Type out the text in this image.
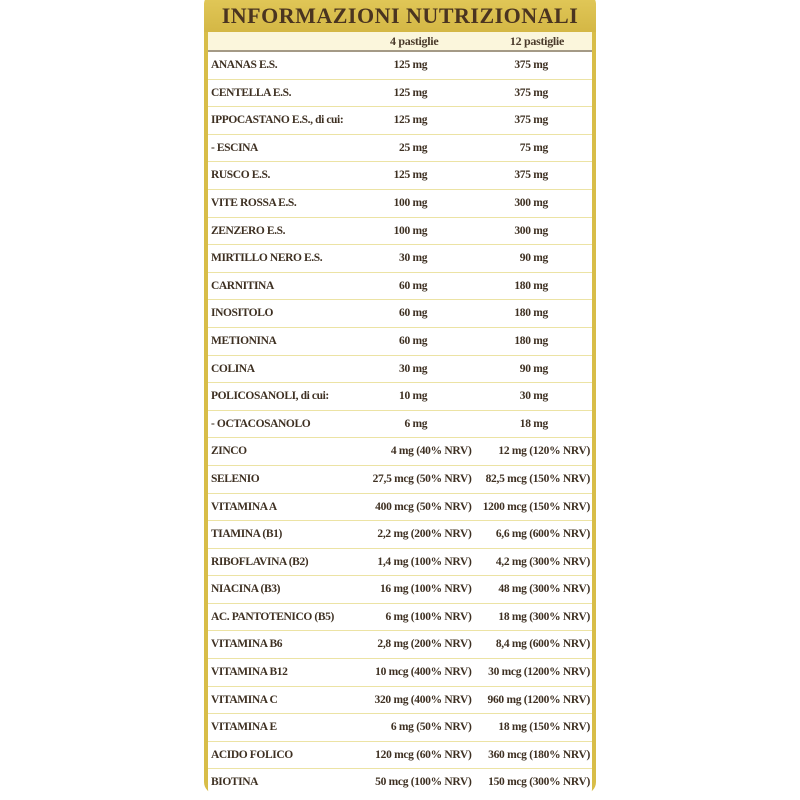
INFORMAZIONI NUTRIZIONALI
4 pastiglie	12 pastiglie
ANANAS E.S.	125 mg	375 mg
CENTELLA E.S.	125 mg	375 mg
IPPOCASTANO E.S., di cui:	125 mg	375 mg
- ESCINA	25 mg	75 mg
RUSCO E.S.	125 mg	375 mg
VITE ROSSA E.S.	100 mg	300 mg
ZENZERO E.S.	100 mg	300 mg
MIRTILLO NERO E.S.	30 mg	90 mg
CARNITINA	60 mg	180 mg
INOSITOLO	60 mg	180 mg
METIONINA	60 mg	180 mg
COLINA	30 mg	90 mg
POLICOSANOLI, di cui:	10 mg	30 mg
- OCTACOSANOLO	6 mg	18 mg
ZINCO	4 mg (40% NRV)	12 mg (120% NRV)
SELENIO	27,5 mcg (50% NRV)	82,5 mcg (150% NRV)
VITAMINA A	400 mcg (50% NRV) 1200 mcg (150% NRV)
TIAMINA (B1)	2,2 mg (200% NRV)	6,6 mg (600% NRV)
RIBOFLAVINA (B2)	1,4 mg (100% NRV)	4,2 mg (300% NRV)
NIACINA (B3)	16 mg (100% NRV)	48 mg (300% NRV)
AC. PANTOTENICO (B5)	6 mg (100% NRV)	18 mg (300% NRV)
VITAMINA B6	2,8 mg (200% NRV)	8,4 mg (600% NRV)
VITAMINA B12	10 mcg (400% NRV)	30 mcg (1200% NRV)
VITAMINA C	320 mg (400% NRV)	960 mg (1200% NRV)
VITAMINA E	6 mg (50% NRV)	18 mg (150% NRV)
ACIDO FOLICO	120 mcg (60% NRV)	360 mcg (180% NRV)
BIOTINA	50 mcg (100% NRV)	150 mcg (300% NRV)
